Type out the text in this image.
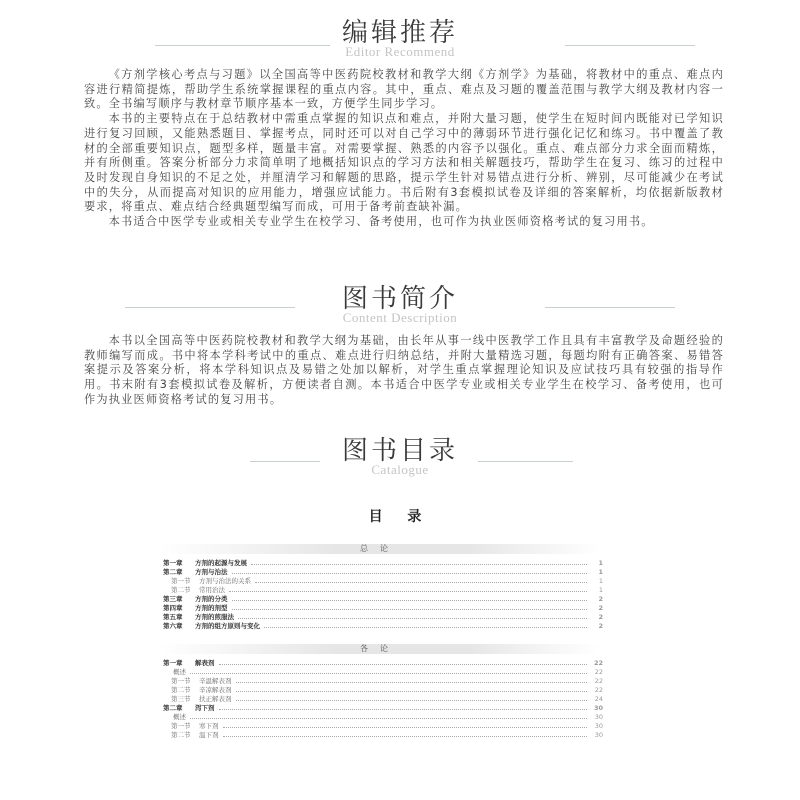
编辑推荐
Editor Recommend

《方剂学核心考点与习题》以全国高等中医药院校教材和教学大纲《方剂学》为基础，将教材中的重点、难点内容进行精简提炼，帮助学生系统掌握课程的重点内容。其中，重点、难点及习题的覆盖范围与教学大纲及教材内容一致。全书编写顺序与教材章节顺序基本一致，方便学生同步学习。

本书的主要特点在于总结教材中需重点掌握的知识点和难点，并附大量习题，使学生在短时间内既能对已学知识进行复习回顾，又能熟悉题目、掌握考点，同时还可以对自己学习中的薄弱环节进行强化记忆和练习。书中覆盖了教材的全部重要知识点，题型多样，题量丰富。对需要掌握、熟悉的内容予以强化。重点、难点部分力求全面而精炼，并有所侧重。答案分析部分力求简单明了地概括知识点的学习方法和相关解题技巧，帮助学生在复习、练习的过程中及时发现自身知识的不足之处，并厘清学习和解题的思路，提示学生针对易错点进行分析、辨别，尽可能减少在考试中的失分，从而提高对知识的应用能力，增强应试能力。书后附有3套模拟试卷及详细的答案解析，均依据新版教材要求，将重点、难点结合经典题型编写而成，可用于备考前查缺补漏。

本书适合中医学专业或相关专业学生在校学习、备考使用，也可作为执业医师资格考试的复习用书。

图书简介
Content Description

本书以全国高等中医药院校教材和教学大纲为基础，由长年从事一线中医教学工作且具有丰富教学及命题经验的教师编写而成。书中将本学科考试中的重点、难点进行归纳总结，并附大量精选习题，每题均附有正确答案、易错答案提示及答案分析，将本学科知识点及易错之处加以解析，对学生重点掌握理论知识及应试技巧具有较强的指导作用。书末附有3套模拟试卷及解析，方便读者自测。本书适合中医学专业或相关专业学生在校学习、备考使用，也可作为执业医师资格考试的复习用书。

图书目录
Catalogue
目 录
总论
第一章	方剂的起源与发展	1
第二章	方剂与治法	1
第一节	方剂与治法的关系	1
第二节	常用治法	1
第三章	方剂的分类	2
第四章	方剂的剂型	2
第五章	方剂的煎服法	2
第六章	方剂的组方原则与变化	2
各论
第一章	解表剂	22
概述	22
第一节	辛温解表剂	22
第二节	辛凉解表剂	22
第三节	扶正解表剂	24
第二章	泻下剂	30
概述	30
第一节	寒下剂	30
第二节	温下剂	30
